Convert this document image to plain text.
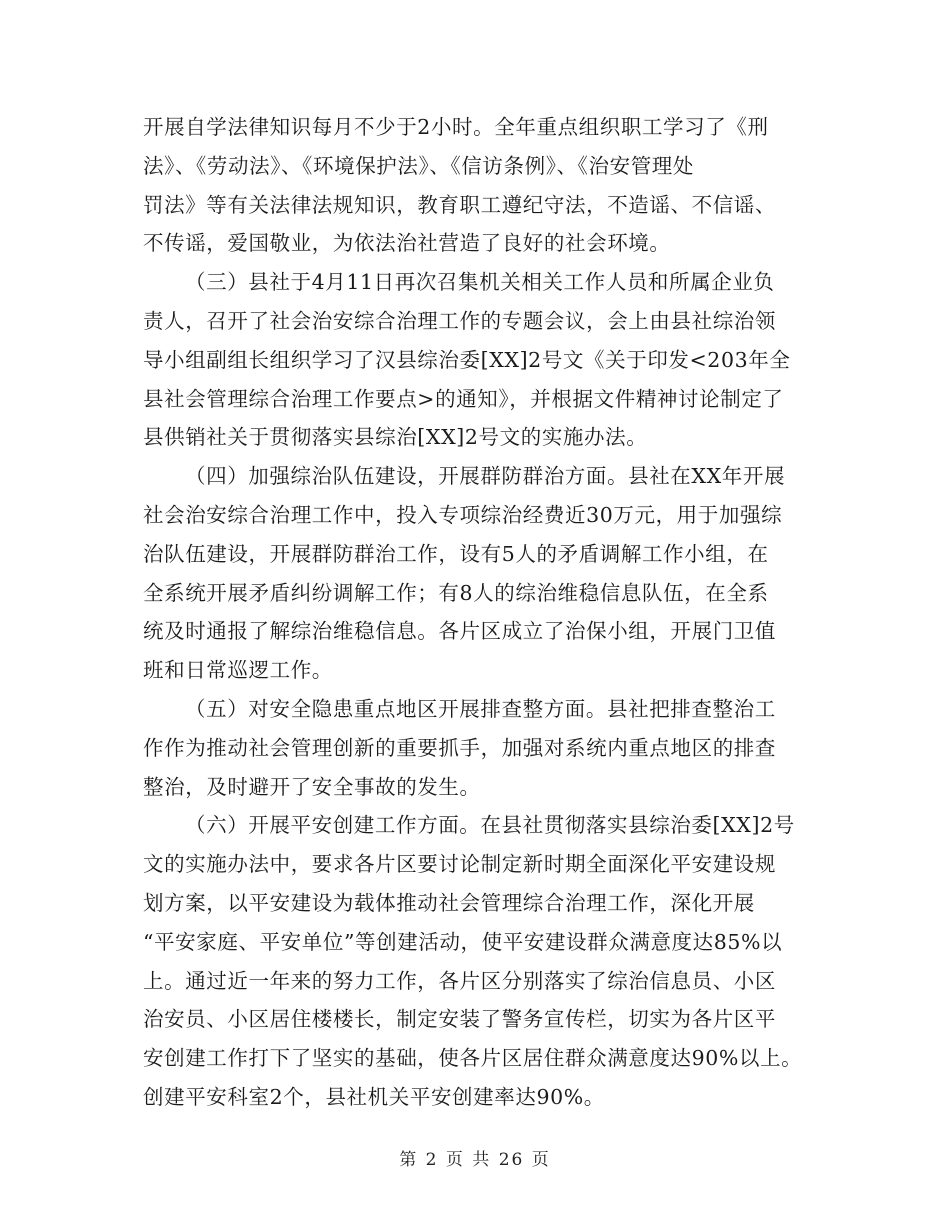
开展自学法律知识每月不少于2小时。全年重点组织职工学习了《刑
法》、《劳动法》、《环境保护法》、《信访条例》、《治安管理处
罚法》等有关法律法规知识，教育职工遵纪守法，不造谣、不信谣、
不传谣，爱国敬业，为依法治社营造了良好的社会环境。
（三）县社于4月11日再次召集机关相关工作人员和所属企业负
责人，召开了社会治安综合治理工作的专题会议，会上由县社综治领
导小组副组长组织学习了汉县综治委[XX]2号文《关于印发<203年全
县社会管理综合治理工作要点>的通知》，并根据文件精神讨论制定了
县供销社关于贯彻落实县综治[XX]2号文的实施办法。
（四）加强综治队伍建设，开展群防群治方面。县社在XX年开展
社会治安综合治理工作中，投入专项综治经费近30万元，用于加强综
治队伍建设，开展群防群治工作，设有5人的矛盾调解工作小组，在
全系统开展矛盾纠纷调解工作；有8人的综治维稳信息队伍，在全系
统及时通报了解综治维稳信息。各片区成立了治保小组，开展门卫值
班和日常巡逻工作。
（五）对安全隐患重点地区开展排查整方面。县社把排查整治工
作作为推动社会管理创新的重要抓手，加强对系统内重点地区的排查
整治，及时避开了安全事故的发生。
（六）开展平安创建工作方面。在县社贯彻落实县综治委[XX]2号
文的实施办法中，要求各片区要讨论制定新时期全面深化平安建设规
划方案，以平安建设为载体推动社会管理综合治理工作，深化开展
“平安家庭、平安单位”等创建活动，使平安建设群众满意度达85%以
上。通过近一年来的努力工作，各片区分别落实了综治信息员、小区
治安员、小区居住楼楼长，制定安装了警务宣传栏，切实为各片区平
安创建工作打下了坚实的基础，使各片区居住群众满意度达90%以上。
创建平安科室2个，县社机关平安创建率达90%。
第 2 页 共 26 页
